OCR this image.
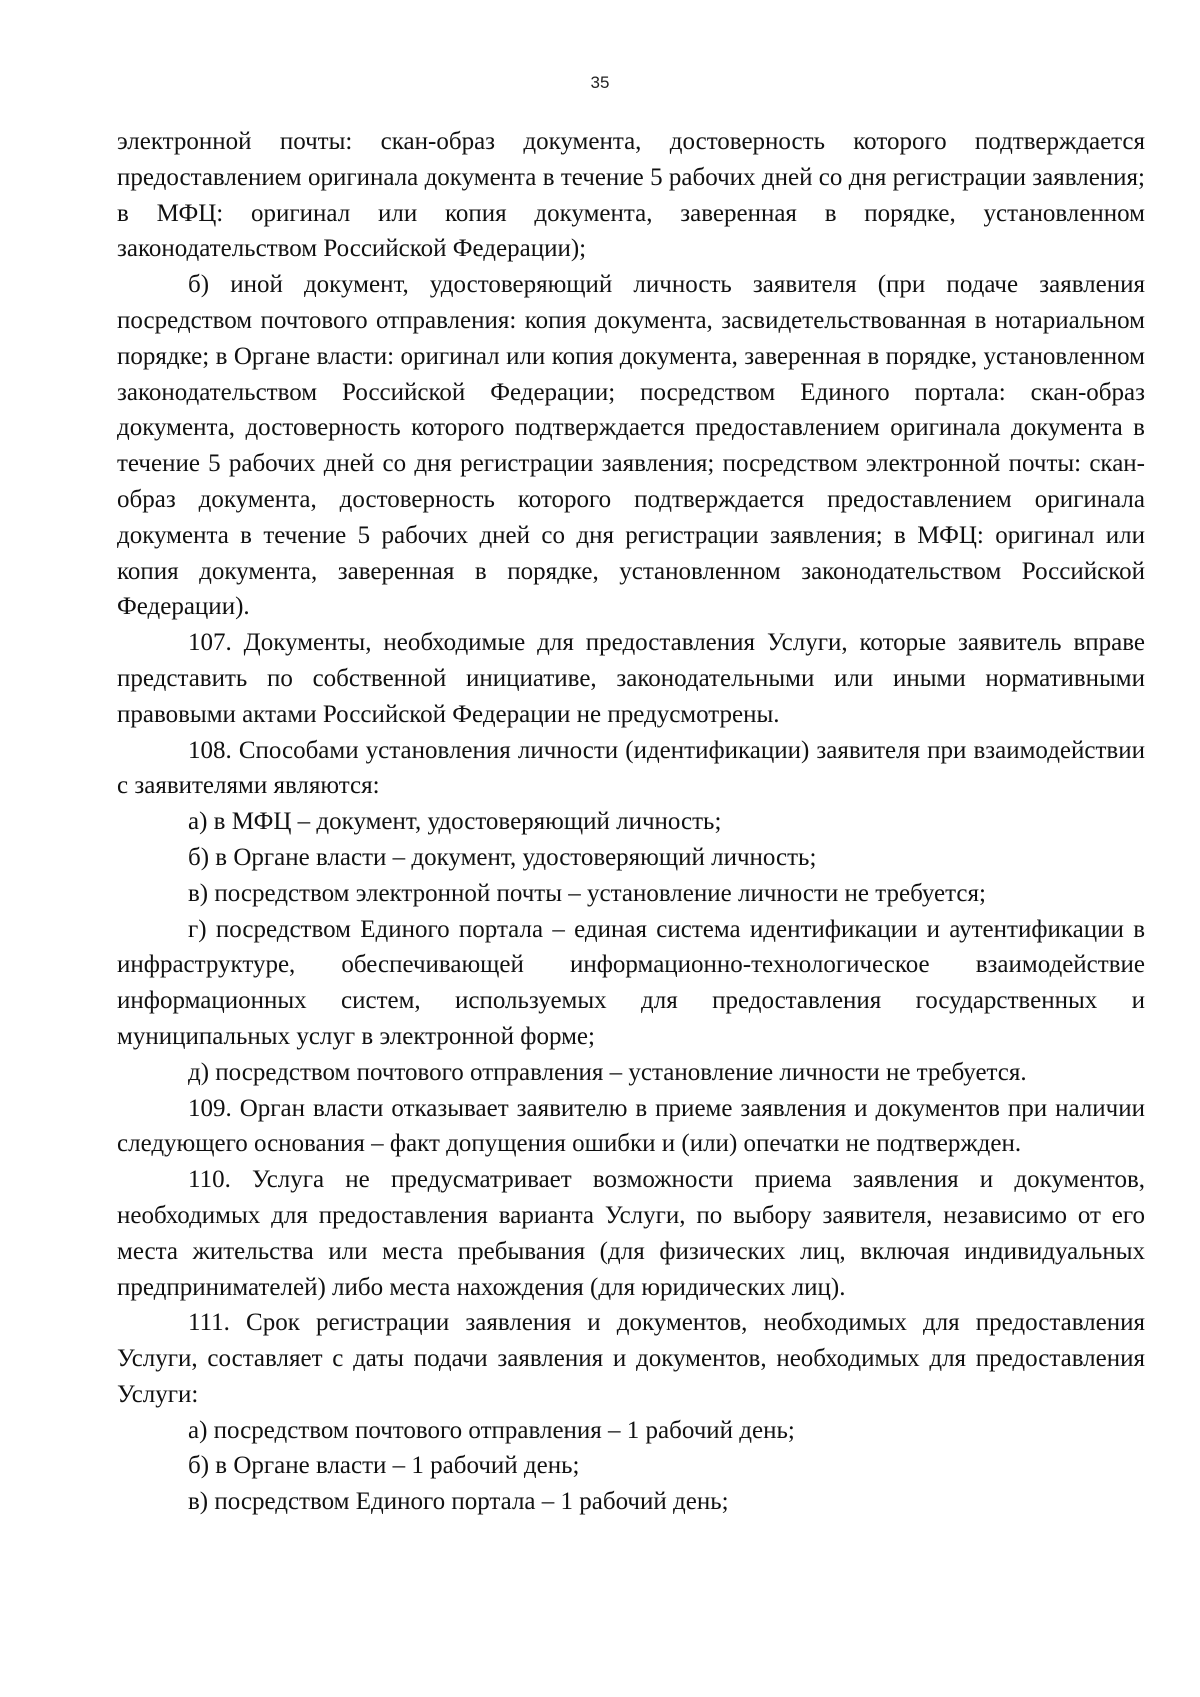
35

электронной почты: скан-образ документа, достоверность которого подтверждается предоставлением оригинала документа в течение 5 рабочих дней со дня регистрации заявления; в МФЦ: оригинал или копия документа, заверенная в порядке, установленном законодательством Российской Федерации);

б) иной документ, удостоверяющий личность заявителя (при подаче заявления посредством почтового отправления: копия документа, засвидетельствованная в нотариальном порядке; в Органе власти: оригинал или копия документа, заверенная в порядке, установленном законодательством Российской Федерации; посредством Единого портала: скан-образ документа, достоверность которого подтверждается предоставлением оригинала документа в течение 5 рабочих дней со дня регистрации заявления; посредством электронной почты: скан-образ документа, достоверность которого подтверждается предоставлением оригинала документа в течение 5 рабочих дней со дня регистрации заявления; в МФЦ: оригинал или копия документа, заверенная в порядке, установленном законодательством Российской Федерации).

107. Документы, необходимые для предоставления Услуги, которые заявитель вправе представить по собственной инициативе, законодательными или иными нормативными правовыми актами Российской Федерации не предусмотрены.

108. Способами установления личности (идентификации) заявителя при взаимодействии с заявителями являются:

а) в МФЦ – документ, удостоверяющий личность;

б) в Органе власти – документ, удостоверяющий личность;

в) посредством электронной почты – установление личности не требуется;

г) посредством Единого портала – единая система идентификации и аутентификации в инфраструктуре, обеспечивающей информационно-технологическое взаимодействие информационных систем, используемых для предоставления государственных и муниципальных услуг в электронной форме;

д) посредством почтового отправления – установление личности не требуется.

109. Орган власти отказывает заявителю в приеме заявления и документов при наличии следующего основания – факт допущения ошибки и (или) опечатки не подтвержден.

110. Услуга не предусматривает возможности приема заявления и документов, необходимых для предоставления варианта Услуги, по выбору заявителя, независимо от его места жительства или места пребывания (для физических лиц, включая индивидуальных предпринимателей) либо места нахождения (для юридических лиц).

111. Срок регистрации заявления и документов, необходимых для предоставления Услуги, составляет с даты подачи заявления и документов, необходимых для предоставления Услуги:

а) посредством почтового отправления – 1 рабочий день;

б) в Органе власти – 1 рабочий день;

в) посредством Единого портала – 1 рабочий день;
